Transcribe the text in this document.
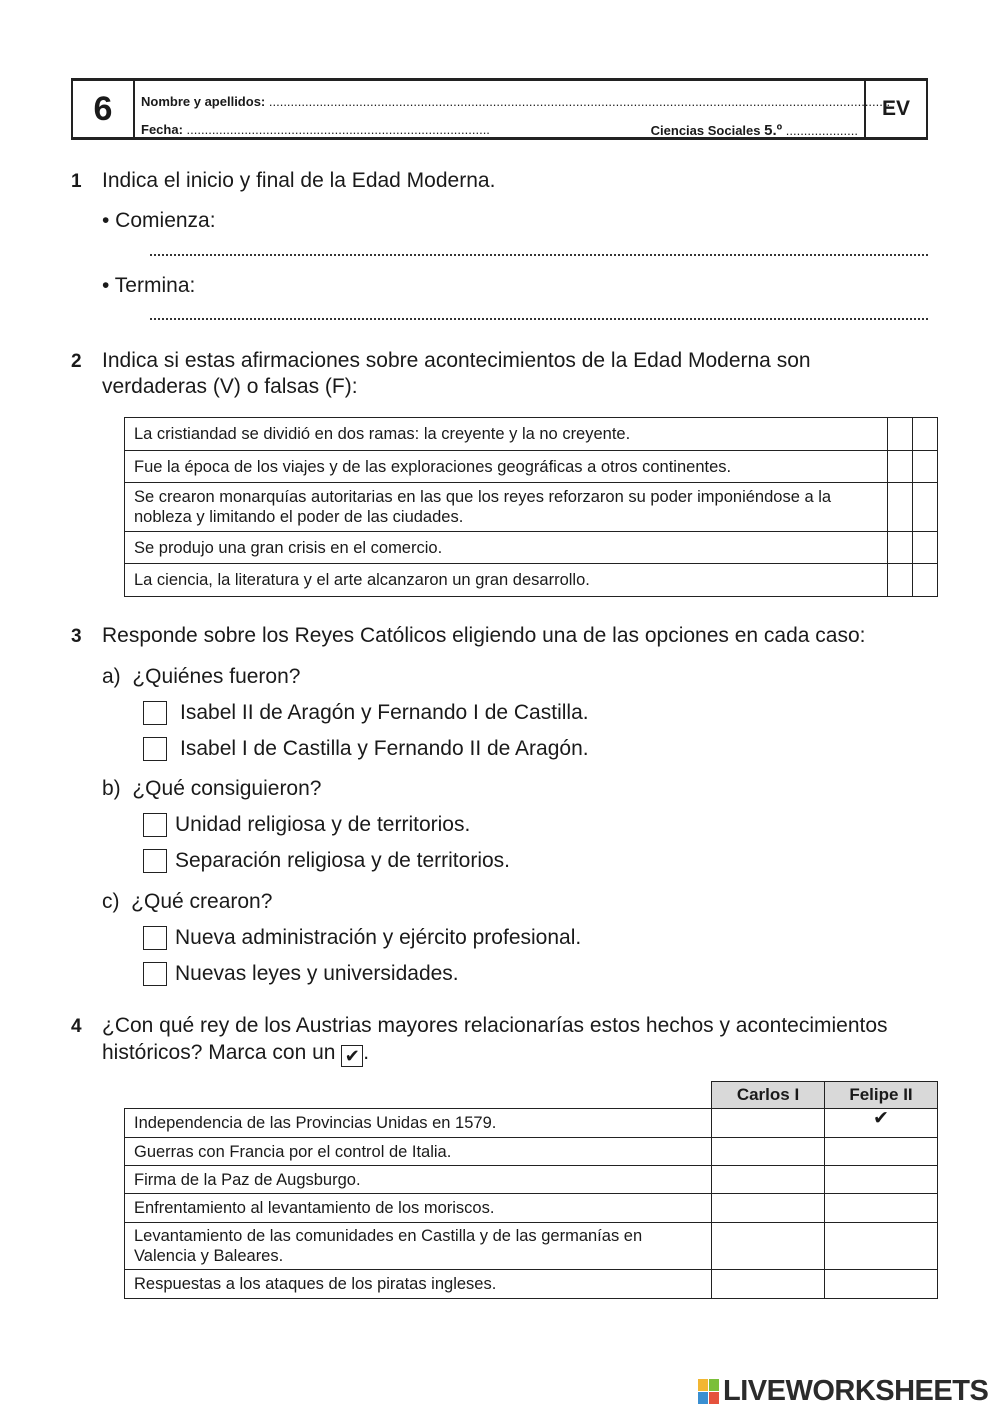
6	Nombre y apellidos: ............................................................................................................................................................................
Fecha: ....................................................................................	Ciencias Sociales 5.º ....................
EV
1 Indica el inicio y final de la Edad Moderna.
• Comienza:
• Termina:
2 Indica si estas afirmaciones sobre acontecimientos de la Edad Moderna son
verdaderas (V) o falsas (F):
La cristiandad se dividió en dos ramas: la creyente y la no creyente.		
Fue la época de los viajes y de las exploraciones geográficas a otros continentes.		
Se crearon monarquías autoritarias en las que los reyes reforzaron su poder imponiéndose a la nobleza y limitando el poder de las ciudades.		
Se produjo una gran crisis en el comercio.		
La ciencia, la literatura y el arte alcanzaron un gran desarrollo.		
3 Responde sobre los Reyes Católicos eligiendo una de las opciones en cada caso:
a) ¿Quiénes fueron?
Isabel II de Aragón y Fernando I de Castilla.
Isabel I de Castilla y Fernando II de Aragón.
b) ¿Qué consiguieron?
Unidad religiosa y de territorios.
Separación religiosa y de territorios.
c) ¿Qué crearon?
Nueva administración y ejército profesional.
Nuevas leyes y universidades.
4 ¿Con qué rey de los Austrias mayores relacionarías estos hechos y acontecimientos
históricos? Marca con un ✔ .
	Carlos I	Felipe II
Independencia de las Provincias Unidas en 1579.		✔
Guerras con Francia por el control de Italia.		
Firma de la Paz de Augsburgo.		
Enfrentamiento al levantamiento de los moriscos.		
Levantamiento de las comunidades en Castilla y de las germanías en Valencia y Baleares.		
Respuestas a los ataques de los piratas ingleses.		
LIVEWORKSHEETS
